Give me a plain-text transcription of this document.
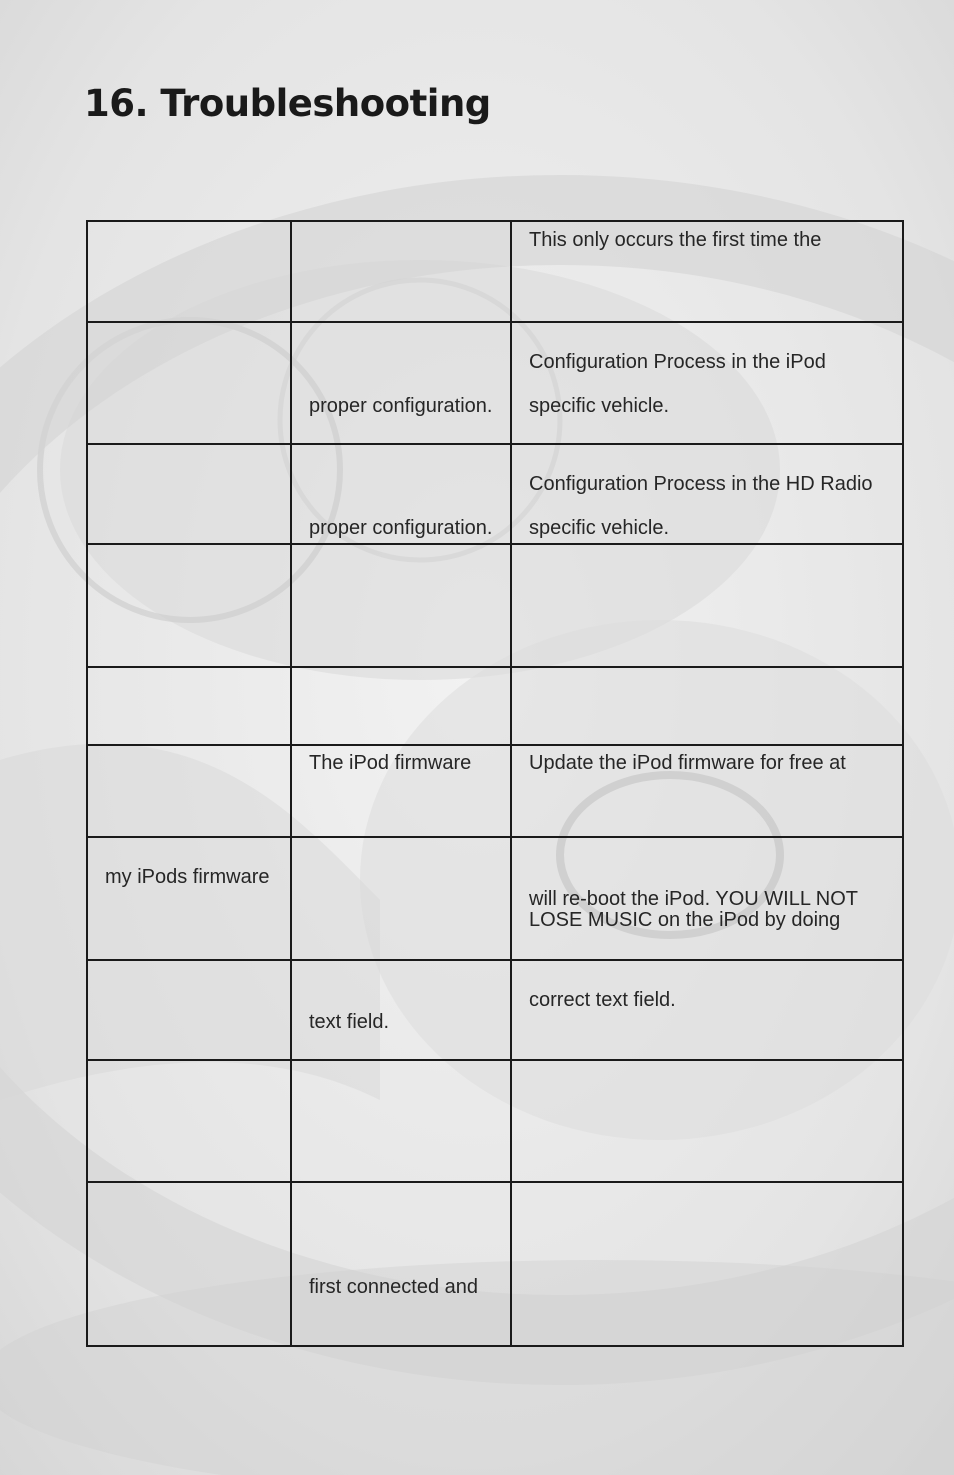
16. Troubleshooting
This only occurs the first time the
proper configuration.
Configuration Process in the iPod
specific vehicle.
proper configuration.
Configuration Process in the HD Radio
specific vehicle.
The iPod firmware	Update the iPod firmware for free at
my iPods firmware
will re-boot the iPod. YOU WILL NOT
LOSE MUSIC on the iPod by doing
text field.
correct text field.
first connected and
